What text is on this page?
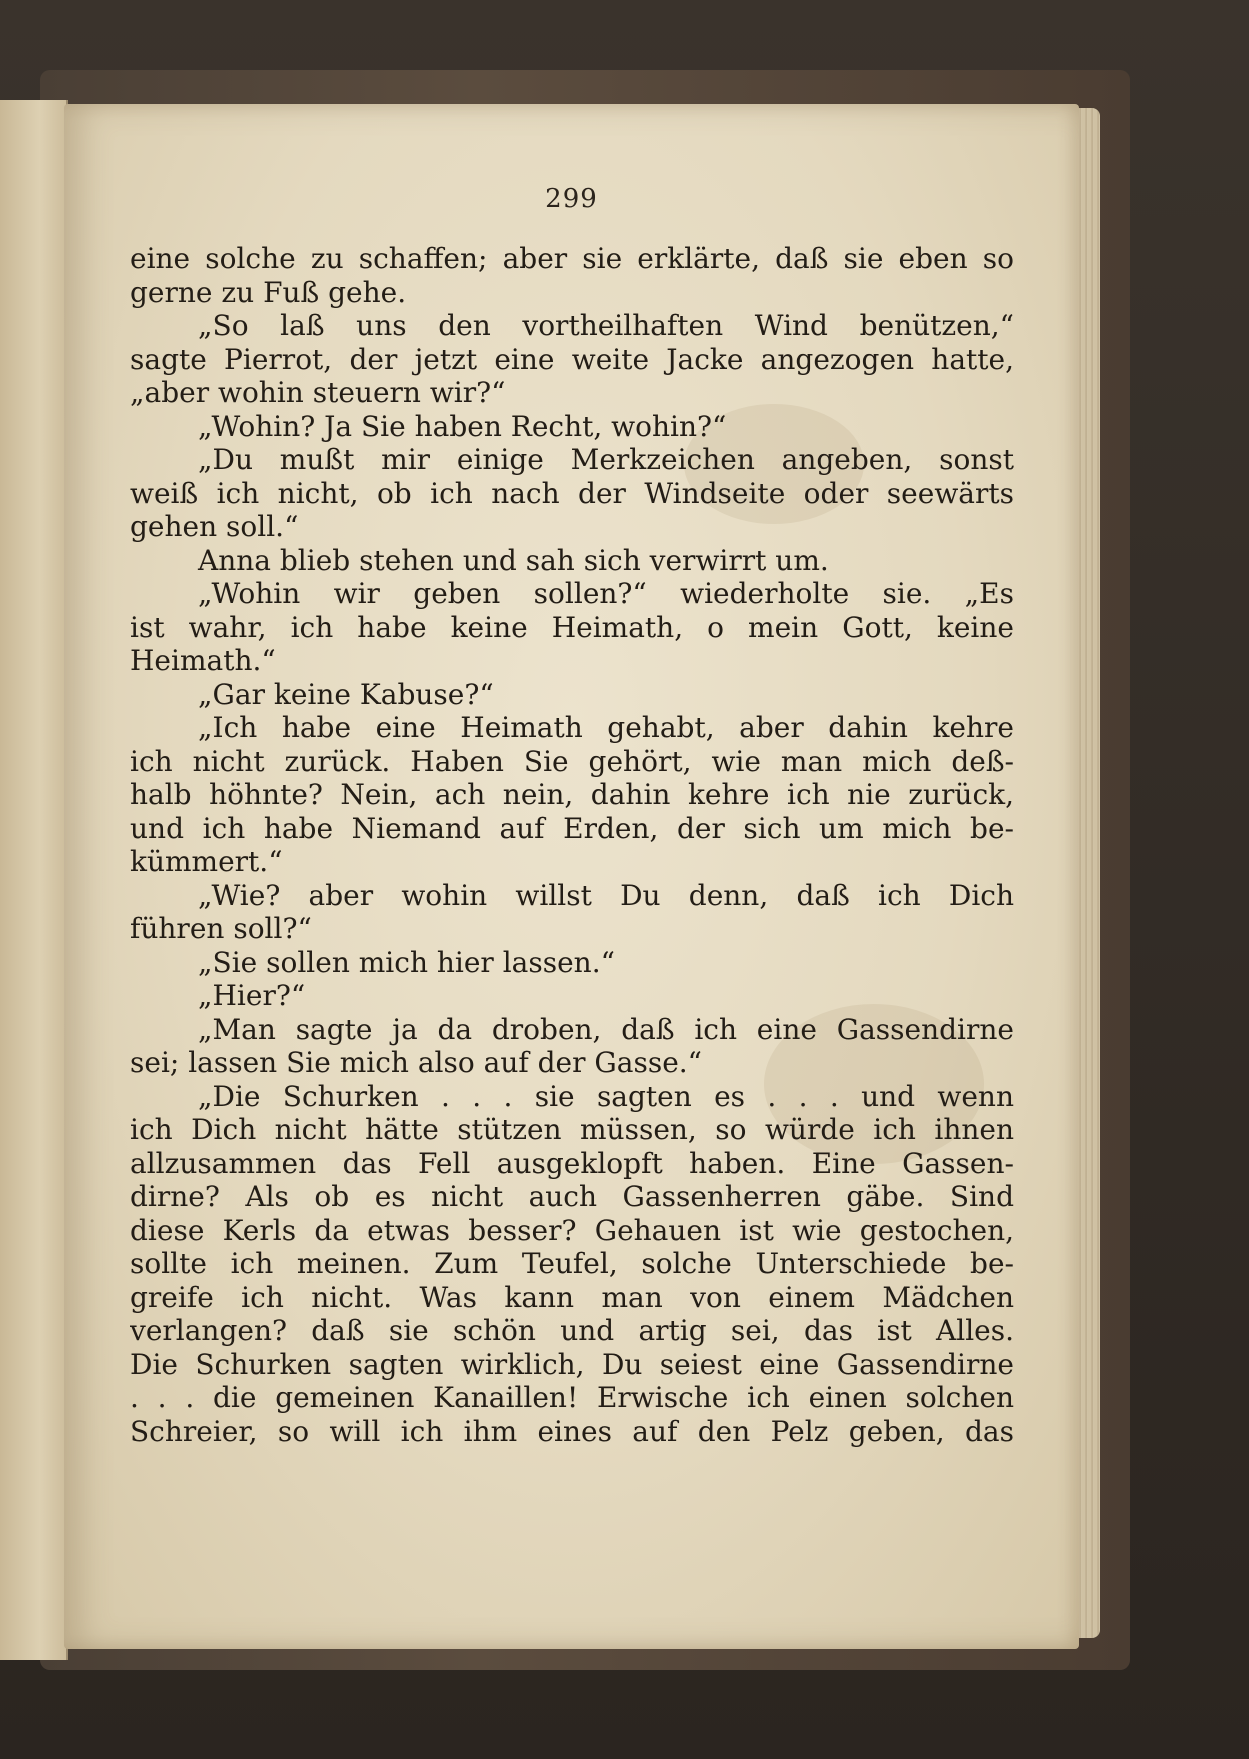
299
eine solche zu schaffen; aber sie erklärte, daß sie eben so
gerne zu Fuß gehe.
„So laß uns den vortheilhaften Wind benützen,“
sagte Pierrot, der jetzt eine weite Jacke angezogen hatte,
„aber wohin steuern wir?“
„Wohin? Ja Sie haben Recht, wohin?“
„Du mußt mir einige Merkzeichen angeben, sonst
weiß ich nicht, ob ich nach der Windseite oder seewärts
gehen soll.“
Anna blieb stehen und sah sich verwirrt um.
„Wohin wir geben sollen?“ wiederholte sie. „Es
ist wahr, ich habe keine Heimath, o mein Gott, keine
Heimath.“
„Gar keine Kabuse?“
„Ich habe eine Heimath gehabt, aber dahin kehre
ich nicht zurück. Haben Sie gehört, wie man mich deß-
halb höhnte? Nein, ach nein, dahin kehre ich nie zurück,
und ich habe Niemand auf Erden, der sich um mich be-
kümmert.“
„Wie? aber wohin willst Du denn, daß ich Dich
führen soll?“
„Sie sollen mich hier lassen.“
„Hier?“
„Man sagte ja da droben, daß ich eine Gassendirne
sei; lassen Sie mich also auf der Gasse.“
„Die Schurken . . . sie sagten es . . . und wenn
ich Dich nicht hätte stützen müssen, so würde ich ihnen
allzusammen das Fell ausgeklopft haben. Eine Gassen-
dirne? Als ob es nicht auch Gassenherren gäbe. Sind
diese Kerls da etwas besser? Gehauen ist wie gestochen,
sollte ich meinen. Zum Teufel, solche Unterschiede be-
greife ich nicht. Was kann man von einem Mädchen
verlangen? daß sie schön und artig sei, das ist Alles.
Die Schurken sagten wirklich, Du seiest eine Gassendirne
. . . die gemeinen Kanaillen! Erwische ich einen solchen
Schreier, so will ich ihm eines auf den Pelz geben, das
